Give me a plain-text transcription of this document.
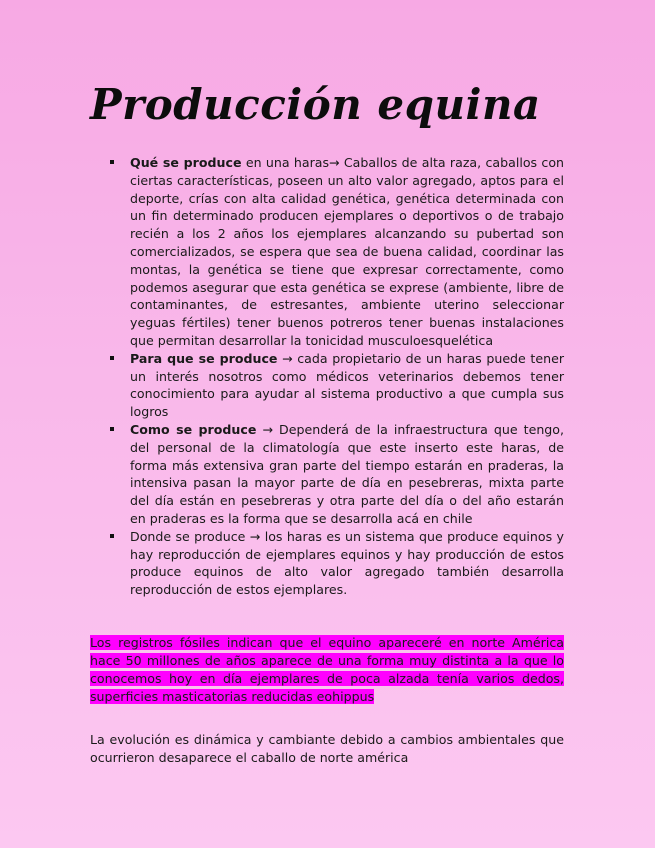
Producción equina
Qué se produce en una haras→ Caballos de alta raza, caballos con ciertas características, poseen un alto valor agregado, aptos para el deporte, crías con alta calidad genética, genética determinada con un fin determinado producen ejemplares o deportivos o de trabajo recién a los 2 años los ejemplares alcanzando su pubertad son comercializados, se espera que sea de buena calidad, coordinar las montas, la genética se tiene que expresar correctamente, como podemos asegurar que esta genética se exprese (ambiente, libre de contaminantes, de estresantes, ambiente uterino seleccionar yeguas fértiles) tener buenos potreros tener buenas instalaciones que permitan desarrollar la tonicidad musculoesquelética
Para que se produce → cada propietario de un haras puede tener un interés nosotros como médicos veterinarios debemos tener conocimiento para ayudar al sistema productivo a que cumpla sus logros
Como se produce → Dependerá de la infraestructura que tengo, del personal de la climatología que este inserto este haras, de forma más extensiva gran parte del tiempo estarán en praderas, la intensiva pasan la mayor parte de día en pesebreras, mixta parte del día están en pesebreras y otra parte del día o del año estarán en praderas es la forma que se desarrolla acá en chile
Donde se produce → los haras es un sistema que produce equinos y hay reproducción de ejemplares equinos y hay producción de estos produce equinos de alto valor agregado también desarrolla reproducción de estos ejemplares.

Los registros fósiles indican que el equino apareceré en norte América hace 50 millones de años aparece de una forma muy distinta a la que lo conocemos hoy en día ejemplares de poca alzada tenía varios dedos, superficies masticatorias reducidas eohippus

La evolución es dinámica y cambiante debido a cambios ambientales que ocurrieron desaparece el caballo de norte américa
